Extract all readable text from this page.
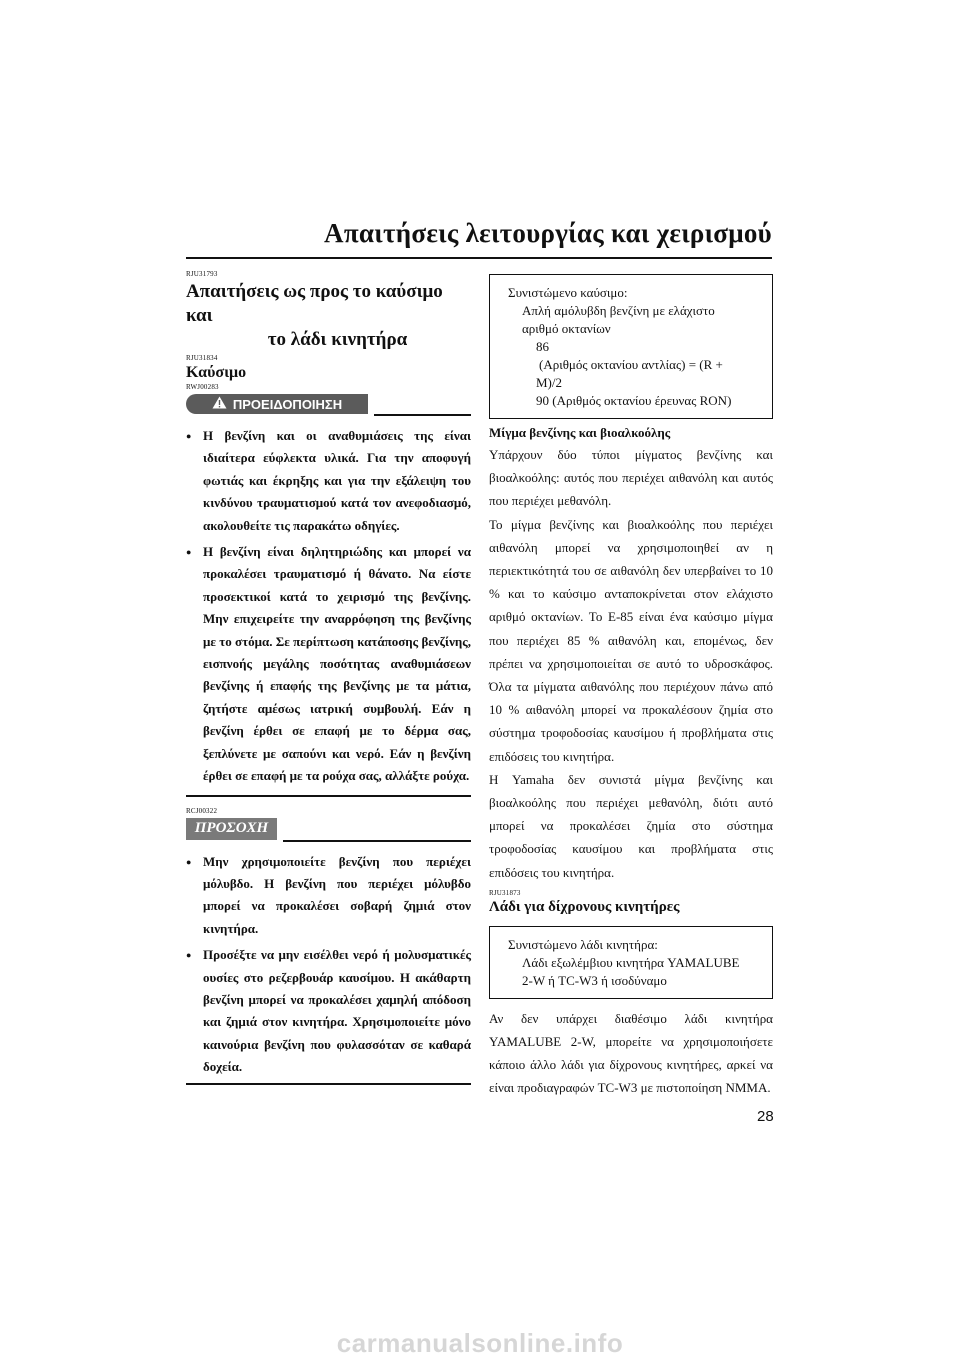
Απαιτήσεις λειτουργίας και χειρισμού
RJU31793
Απαιτήσεις ως προς το καύσιμο και
το λάδι κινητήρα
RJU31834
Καύσιμο
RWJ00283
ΠΡΟΕΙΔΟΠΟΙΗΣΗ
● Η βενζίνη και οι αναθυμιάσεις της είναι ιδιαίτερα εύφλεκτα υλικά. Για την αποφυγή φωτιάς και έκρηξης και για την εξάλειψη του κινδύνου τραυματισμού κατά τον ανεφοδιασμό, ακολουθείτε τις παρακάτω οδηγίες.
● Η βενζίνη είναι δηλητηριώδης και μπορεί να προκαλέσει τραυματισμό ή θάνατο. Να είστε προσεκτικοί κατά το χειρισμό της βενζίνης. Μην επιχειρείτε την αναρρόφηση της βενζίνης με το στόμα. Σε περίπτωση κατάποσης βενζίνης, εισπνοής μεγάλης ποσότητας αναθυμιάσεων βενζίνης ή επαφής της βενζίνης με τα μάτια, ζητήστε αμέσως ιατρική συμβουλή. Εάν η βενζίνη έρθει σε επαφή με το δέρμα σας, ξεπλύνετε με σαπούνι και νερό. Εάν η βενζίνη έρθει σε επαφή με τα ρούχα σας, αλλάξτε ρούχα.
RCJ00322
ΠΡΟΣΟΧΗ
● Μην χρησιμοποιείτε βενζίνη που περιέχει μόλυβδο. Η βενζίνη που περιέχει μόλυβδο μπορεί να προκαλέσει σοβαρή ζημιά στον κινητήρα.
● Προσέξτε να μην εισέλθει νερό ή μολυσματικές ουσίες στο ρεζερβουάρ καυσίμου. Η ακάθαρτη βενζίνη μπορεί να προκαλέσει χαμηλή απόδοση και ζημιά στον κινητήρα. Χρησιμοποιείτε μόνο καινούρια βενζίνη που φυλασσόταν σε καθαρά δοχεία.
Συνιστώμενο καύσιμο:
Απλή αμόλυβδη βενζίνη με ελάχιστο
αριθμό οκτανίων
86
(Αριθμός οκτανίου αντλίας) = (R +
M)/2
90 (Αριθμός οκτανίου έρευνας RON)
Μίγμα βενζίνης και βιοαλκοόλης
Υπάρχουν δύο τύποι μίγματος βενζίνης και βιοαλκοόλης: αυτός που περιέχει αιθανόλη και αυτός που περιέχει μεθανόλη.
Το μίγμα βενζίνης και βιοαλκοόλης που περιέχει αιθανόλη μπορεί να χρησιμοποιηθεί αν η περιεκτικότητά του σε αιθανόλη δεν υπερβαίνει το 10 % και το καύσιμο ανταποκρίνεται στον ελάχιστο αριθμό οκτανίων. Το E-85 είναι ένα καύσιμο μίγμα που περιέχει 85 % αιθανόλη και, επομένως, δεν πρέπει να χρησιμοποιείται σε αυτό το υδροσκάφος. Όλα τα μίγματα αιθανόλης που περιέχουν πάνω από 10 % αιθανόλη μπορεί να προκαλέσουν ζημία στο σύστημα τροφοδοσίας καυσίμου ή προβλήματα στις επιδόσεις του κινητήρα.
Η Yamaha δεν συνιστά μίγμα βενζίνης και βιοαλκοόλης που περιέχει μεθανόλη, διότι αυτό μπορεί να προκαλέσει ζημία στο σύστημα τροφοδοσίας καυσίμου και προβλήματα στις επιδόσεις του κινητήρα.
RJU31873
Λάδι για δίχρονους κινητήρες
Συνιστώμενο λάδι κινητήρα:
Λάδι εξωλέμβιου κινητήρα YAMALUBE
2-W ή TC-W3 ή ισοδύναμο
Αν δεν υπάρχει διαθέσιμο λάδι κινητήρα YAMALUBE 2-W, μπορείτε να χρησιμοποιήσετε κάποιο άλλο λάδι για δίχρονους κινητήρες, αρκεί να είναι προδιαγραφών TC-W3 με πιστοποίηση NMMA.
28
carmanualsonline.info
